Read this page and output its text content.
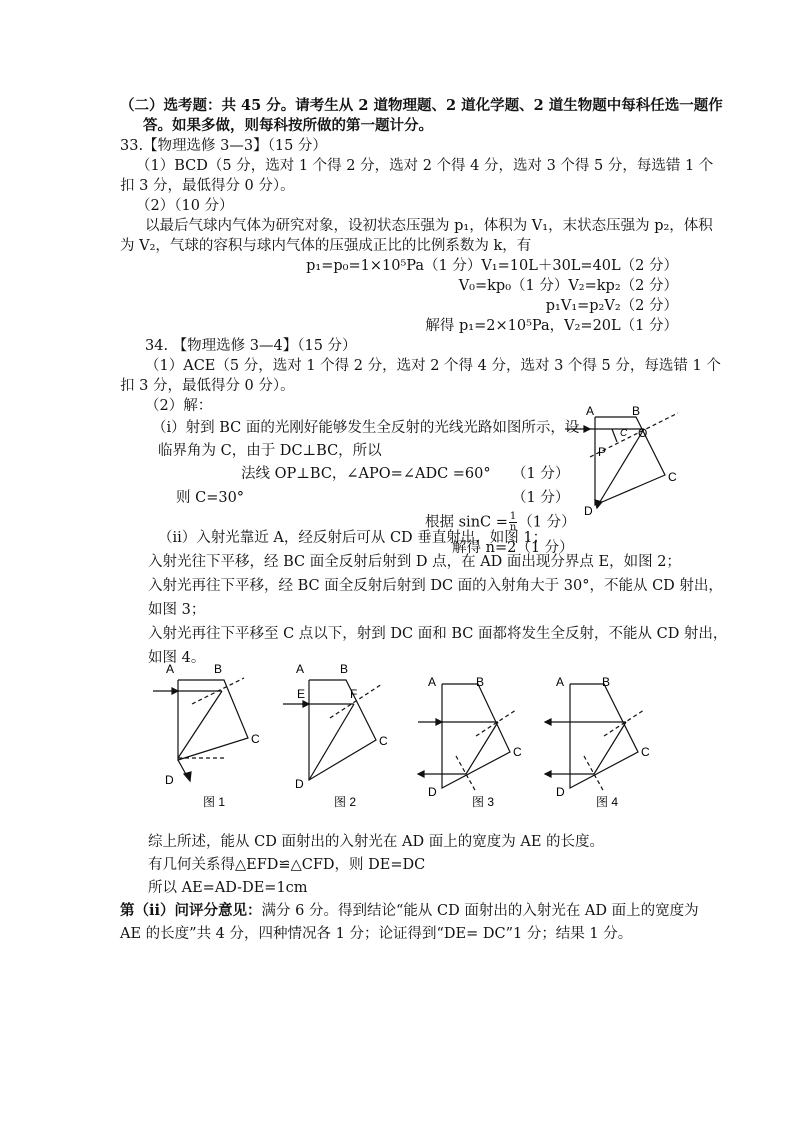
（二）选考题：共 45 分。请考生从 2 道物理题、2 道化学题、2 道生物题中每科任选一题作
答。如果多做，则每科按所做的第一题计分。
33.【物理选修 3—3】（15 分）
（1）BCD（5 分，选对 1 个得 2 分，选对 2 个得 4 分，选对 3 个得 5 分，每选错 1 个
扣 3 分，最低得分 0 分）。
（2）（10 分）
以最后气球内气体为研究对象，设初状态压强为 p₁，体积为 V₁，末状态压强为 p₂，体积
为 V₂，气球的容积与球内气体的压强成正比的比例系数为 k，有
p₁=p₀=1×10⁵Pa（1 分）V₁=10L＋30L=40L（2 分）
V₀=kp₀（1 分）V₂=kp₂（2 分）
p₁V₁=p₂V₂（2 分）
解得 p₁=2×10⁵Pa，V₂=20L（1 分）
34. 【物理选修 3—4】（15 分）
（1）ACE（5 分，选对 1 个得 2 分，选对 2 个得 4 分，选对 3 个得 5 分，每选错 1 个
扣 3 分，最低得分 0 分）。
（2）解：
（i）射到 BC 面的光刚好能够发生全反射的光线光路如图所示，设
临界角为 C，由于 DC⊥BC，所以
法线 OP⊥BC，∠APO=∠ADC =60° （1 分）
则 C=30°	（1 分）
根据 $\sin C = \frac{1}{n} (1$ 分）
解得 n=2（1 分）
A	B
C
D
O
P
C
（ii）入射光靠近 A，经反射后可从 CD 垂直射出，如图 1；
入射光往下平移，经 BC 面全反射后射到 D 点，在 AD 面出现分界点 E，如图 2；
入射光再往下平移，经 BC 面全反射后射到 DC 面的入射角大于 30°，不能从 CD 射出，
如图 3；
入射光再往下平移至 C 点以下，射到 DC 面和 BC 面都将发生全反射，不能从 CD 射出，
如图 4。
A	B
C
D
图 1
A	B
C
D
E	F
图 2
A	B
C
D
图 3
A	B
C
D
图 4
综上所述，能从 CD 面射出的入射光在 AD 面上的宽度为 AE 的长度。
有几何关系得△EFD≌△CFD，则 DE=DC
所以 AE=AD-DE=1cm
第（ii）问评分意见：满分 6 分。得到结论“能从 CD 面射出的入射光在 AD 面上的宽度为
AE 的长度”共 4 分，四种情况各 1 分；论证得到“DE= DC”1 分；结果 1 分。
